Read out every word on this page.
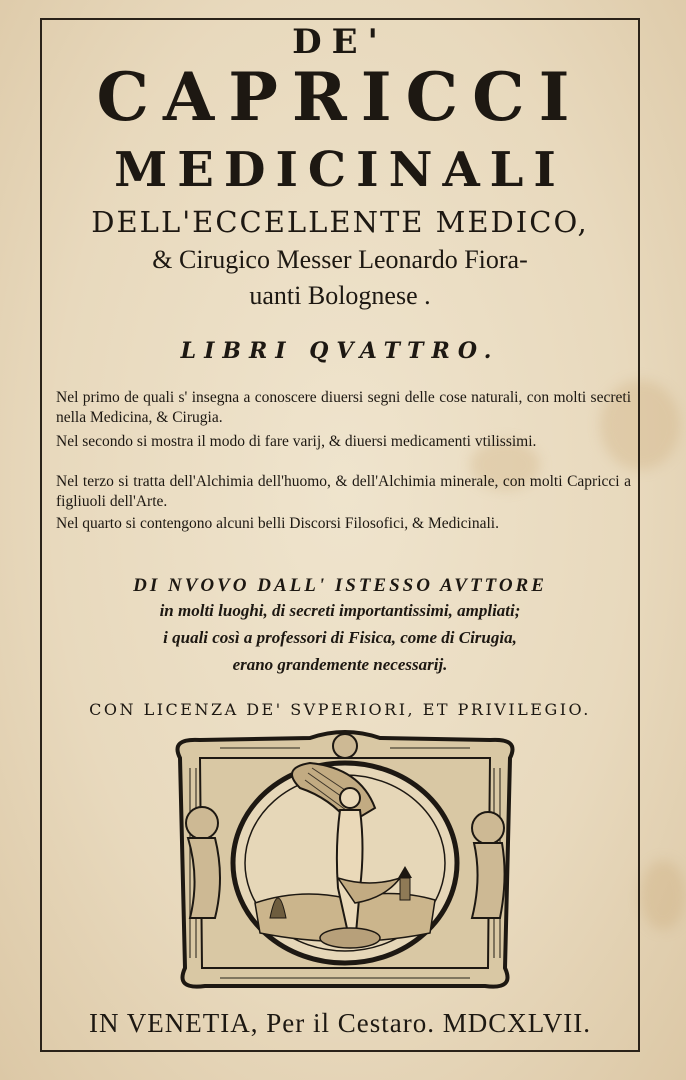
DE'
CAPRICCI
MEDICINALI
DELL'ECCELLENTE MEDICO,
& Cirugico Messer Leonardo Fiora-
uanti Bolognese .
LIBRI QVATTRO.
Nel primo de quali s' insegna a conoscere diuersi segni delle cose naturali, con molti secreti nella Medicina, & Cirugia.
Nel secondo si mostra il modo di fare varij, & diuersi medicamenti vtilissimi.
Nel terzo si tratta dell'Alchimia dell'huomo, & dell'Alchimia minerale, con molti Capricci a figliuoli dell'Arte.
Nel quarto si contengono alcuni belli Discorsi Filosofici, & Medicinali.
DI NVOVO DALL' ISTESSO AVTTORE
in molti luoghi, di secreti importantissimi, ampliati;
i quali così a professori di Fisica, come di Cirugia,
erano grandemente necessarij.
CON LICENZA DE' SVPERIORI, ET PRIVILEGIO.
IN VENETIA, Per il Cestaro. MDCXLVII.
